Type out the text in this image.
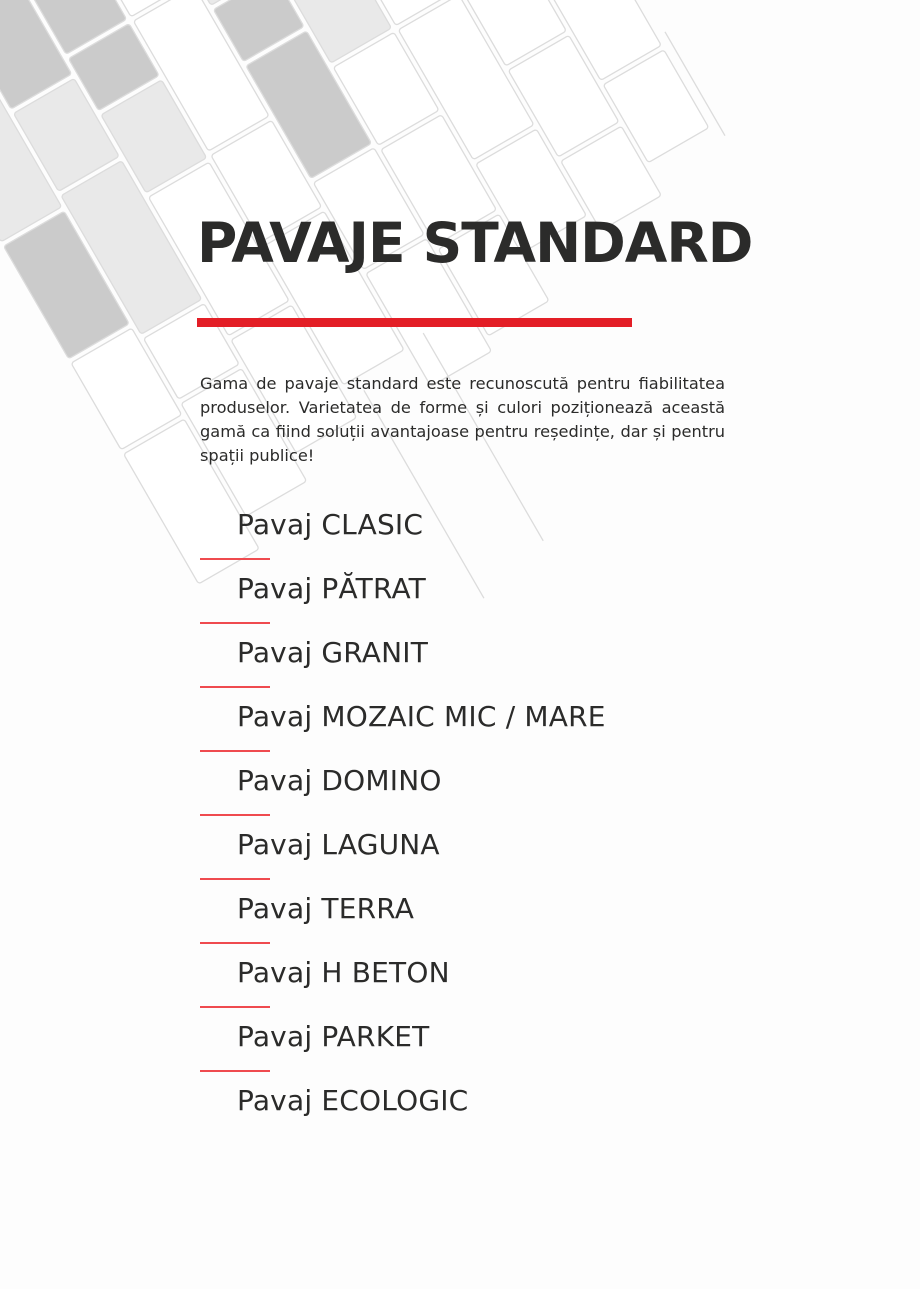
PAVAJE STANDARD

Gama de pavaje standard este recunoscută pentru fiabilitatea produselor. Varietatea de forme și culori poziționează această gamă ca fiind soluții avantajoase pentru reședințe, dar și pentru spații publice!

Pavaj CLASIC
Pavaj PĂTRAT
Pavaj GRANIT
Pavaj MOZAIC MIC / MARE
Pavaj DOMINO
Pavaj LAGUNA
Pavaj TERRA
Pavaj H BETON
Pavaj PARKET
Pavaj ECOLOGIC
